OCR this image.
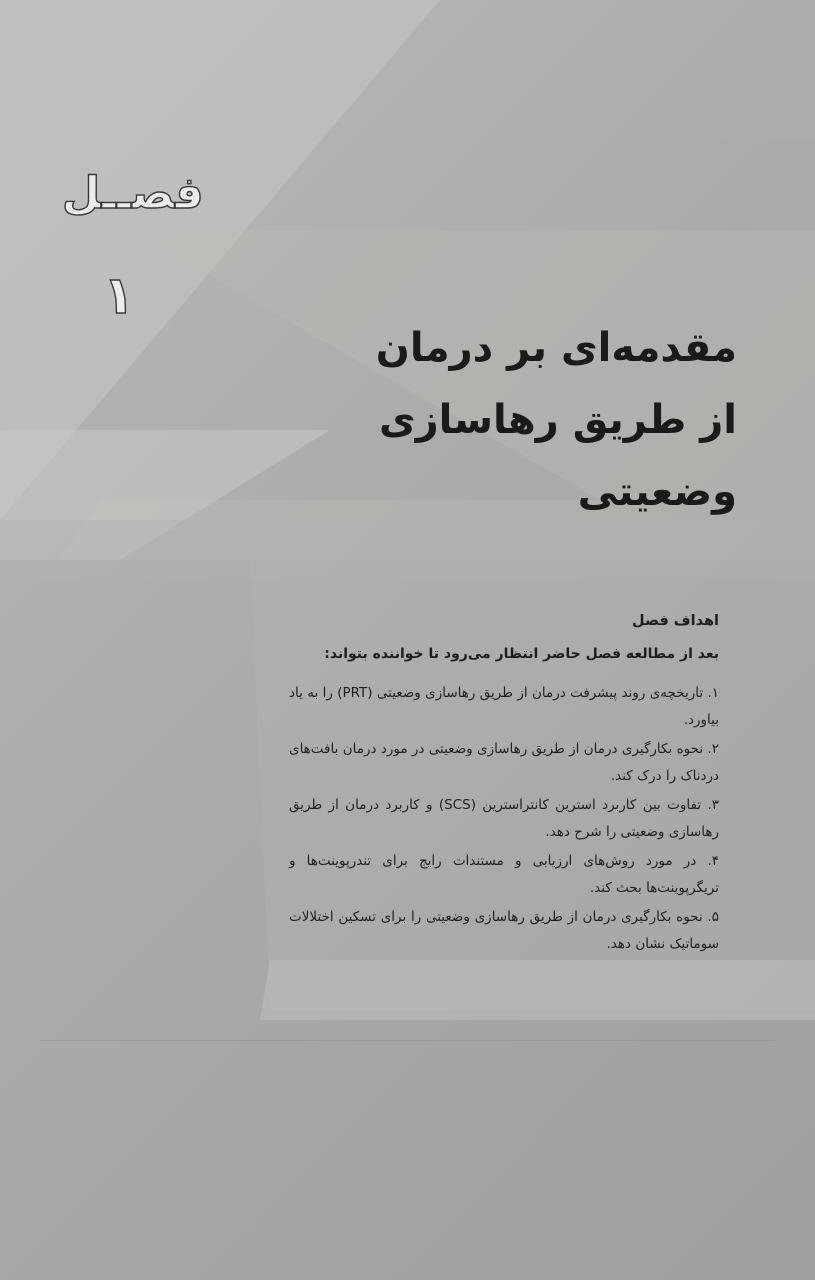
فصــل
۱
مقدمه‌ای بر درمان
از طریق رهاسازی وضعیتی
اهداف فصل
بعد از مطالعه فصل حاضر انتظار می‌رود تا خواننده بتواند:
۱. تاریخچه‌ی روند پیشرفت درمان از طریق رهاسازی وضعیتی (PRT) را به یاد بیاورد.
۲. نحوه بکارگیری درمان از طریق رهاسازی وضعیتی در مورد درمان بافت‌های دردناک را درک کند.
۳. تفاوت بین کاربرد استرین کانتراسترین (SCS) و کاربرد درمان از طریق رهاسازی وضعیتی را شرح دهد.
۴. در مورد روش‌های ارزیابی و مستندات رایج برای تندرپوینت‌ها و تریگرپوینت‌ها بحث کند.
۵. نحوه بکارگیری درمان از طریق رهاسازی وضعیتی را برای تسکین اختلالات سوماتیک نشان دهد.
